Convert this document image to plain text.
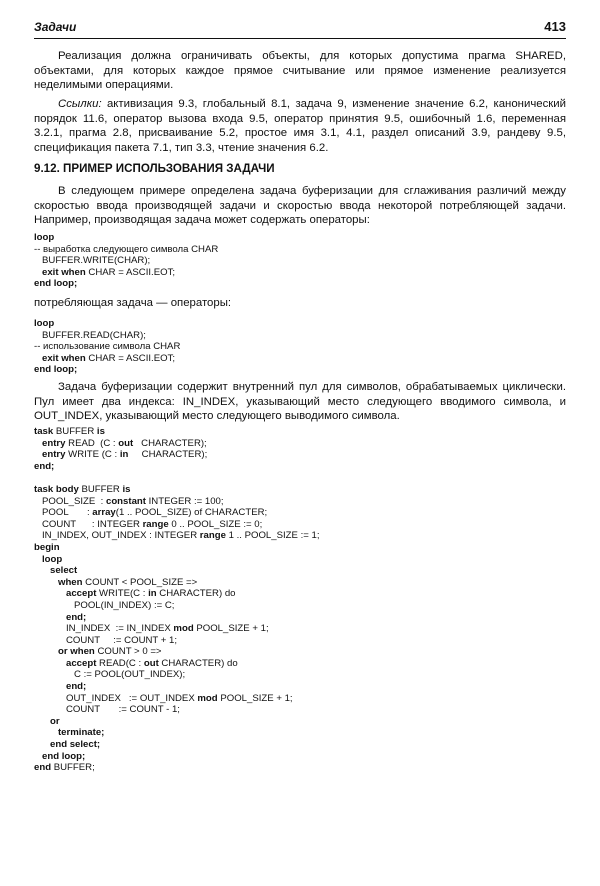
Задачи	413

Реализация должна ограничивать объекты, для которых допустима прагма SHARED, объектами, для которых каждое прямое считывание или прямое изменение реализуется неделимыми операциями.

Ссылки: активизация 9.3, глобальный 8.1, задача 9, изменение значение 6.2, канонический порядок 11.6, оператор вызова входа 9.5, оператор принятия 9.5, ошибочный 1.6, переменная 3.2.1, прагма 2.8, присваивание 5.2, простое имя 3.1, 4.1, раздел описаний 3.9, рандеву 9.5, спецификация пакета 7.1, тип 3.3, чтение значения 6.2.

9.12. ПРИМЕР ИСПОЛЬЗОВАНИЯ ЗАДАЧИ

В следующем примере определена задача буферизации для сглаживания различий между скоростью ввода производящей задачи и скоростью ввода некоторой потребляющей задачи. Например, производящая задача может содержать операторы:

loop
-- выработка следующего символа CHAR
BUFFER.WRITE(CHAR);
exit when CHAR = ASCII.EOT;
end loop;

потребляющая задача — операторы:

loop
BUFFER.READ(CHAR);
-- использование символа CHAR
exit when CHAR = ASCII.EOT;
end loop;

Задача буферизации содержит внутренний пул для символов, обрабатываемых циклически. Пул имеет два индекса: IN_INDEX, указывающий место следующего вводимого символа, и OUT_INDEX, указывающий место следующего выводимого символа.

task BUFFER is
entry READ  (C : out   CHARACTER);
entry WRITE (C : in     CHARACTER);
end;
task body BUFFER is
POOL_SIZE  : constant INTEGER := 100;
POOL       : array(1 .. POOL_SIZE) of CHARACTER;
COUNT      : INTEGER range 0 .. POOL_SIZE := 0;
IN_INDEX, OUT_INDEX : INTEGER range 1 .. POOL_SIZE := 1;
begin
loop
select
when COUNT < POOL_SIZE =>
accept WRITE(C : in CHARACTER) do
POOL(IN_INDEX) := C;
end;
IN_INDEX  := IN_INDEX mod POOL_SIZE + 1;
COUNT     := COUNT + 1;
or when COUNT > 0 =>
accept READ(C : out CHARACTER) do
C := POOL(OUT_INDEX);
end;
OUT_INDEX   := OUT_INDEX mod POOL_SIZE + 1;
COUNT       := COUNT - 1;
or
terminate;
end select;
end loop;
end BUFFER;
